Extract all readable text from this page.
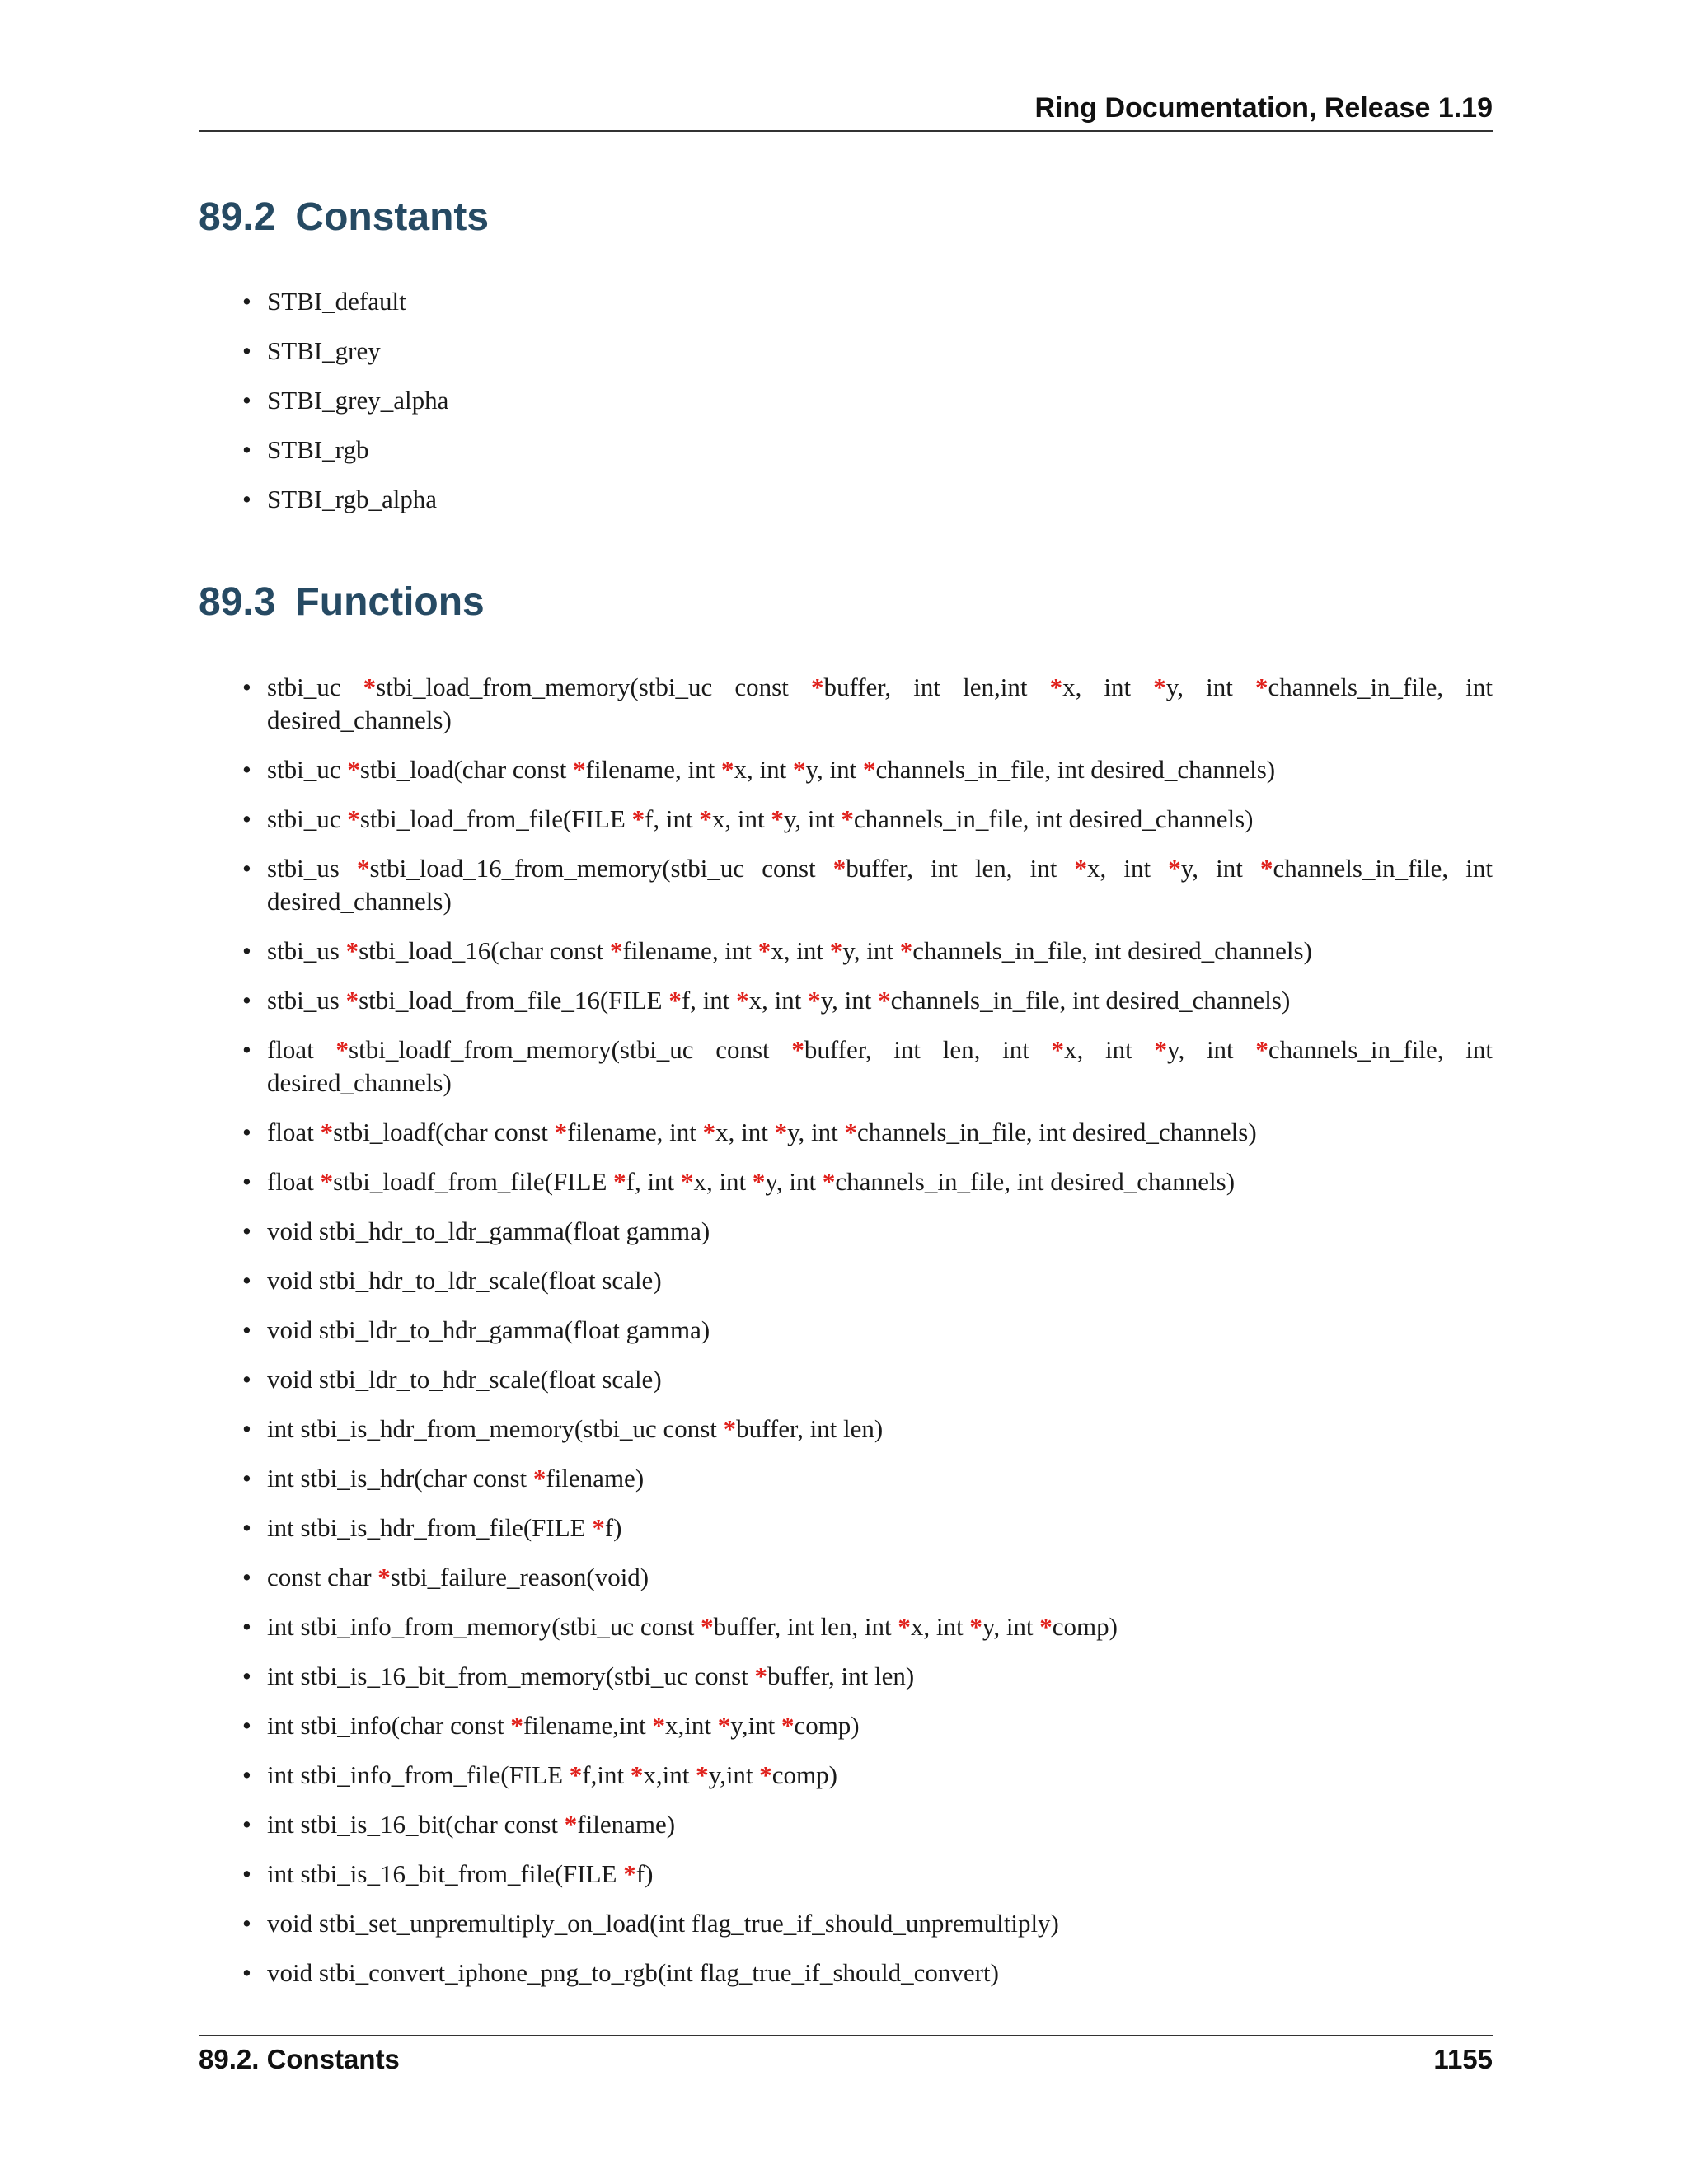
Ring Documentation, Release 1.19
89.2 Constants
• STBI_default
• STBI_grey
• STBI_grey_alpha
• STBI_rgb
• STBI_rgb_alpha
89.3 Functions
• stbi_uc *stbi_load_from_memory(stbi_uc const *buffer, int len,int *x, int *y, int *channels_in_file, int desired_channels)
• stbi_uc *stbi_load(char const *filename, int *x, int *y, int *channels_in_file, int desired_channels)
• stbi_uc *stbi_load_from_file(FILE *f, int *x, int *y, int *channels_in_file, int desired_channels)
• stbi_us *stbi_load_16_from_memory(stbi_uc const *buffer, int len, int *x, int *y, int *channels_in_file, int desired_channels)
• stbi_us *stbi_load_16(char const *filename, int *x, int *y, int *channels_in_file, int desired_channels)
• stbi_us *stbi_load_from_file_16(FILE *f, int *x, int *y, int *channels_in_file, int desired_channels)
• float *stbi_loadf_from_memory(stbi_uc const *buffer, int len, int *x, int *y, int *channels_in_file, int desired_channels)
• float *stbi_loadf(char const *filename, int *x, int *y, int *channels_in_file, int desired_channels)
• float *stbi_loadf_from_file(FILE *f, int *x, int *y, int *channels_in_file, int desired_channels)
• void stbi_hdr_to_ldr_gamma(float gamma)
• void stbi_hdr_to_ldr_scale(float scale)
• void stbi_ldr_to_hdr_gamma(float gamma)
• void stbi_ldr_to_hdr_scale(float scale)
• int stbi_is_hdr_from_memory(stbi_uc const *buffer, int len)
• int stbi_is_hdr(char const *filename)
• int stbi_is_hdr_from_file(FILE *f)
• const char *stbi_failure_reason(void)
• int stbi_info_from_memory(stbi_uc const *buffer, int len, int *x, int *y, int *comp)
• int stbi_is_16_bit_from_memory(stbi_uc const *buffer, int len)
• int stbi_info(char const *filename,int *x,int *y,int *comp)
• int stbi_info_from_file(FILE *f,int *x,int *y,int *comp)
• int stbi_is_16_bit(char const *filename)
• int stbi_is_16_bit_from_file(FILE *f)
• void stbi_set_unpremultiply_on_load(int flag_true_if_should_unpremultiply)
• void stbi_convert_iphone_png_to_rgb(int flag_true_if_should_convert)
89.2. Constants	1155
